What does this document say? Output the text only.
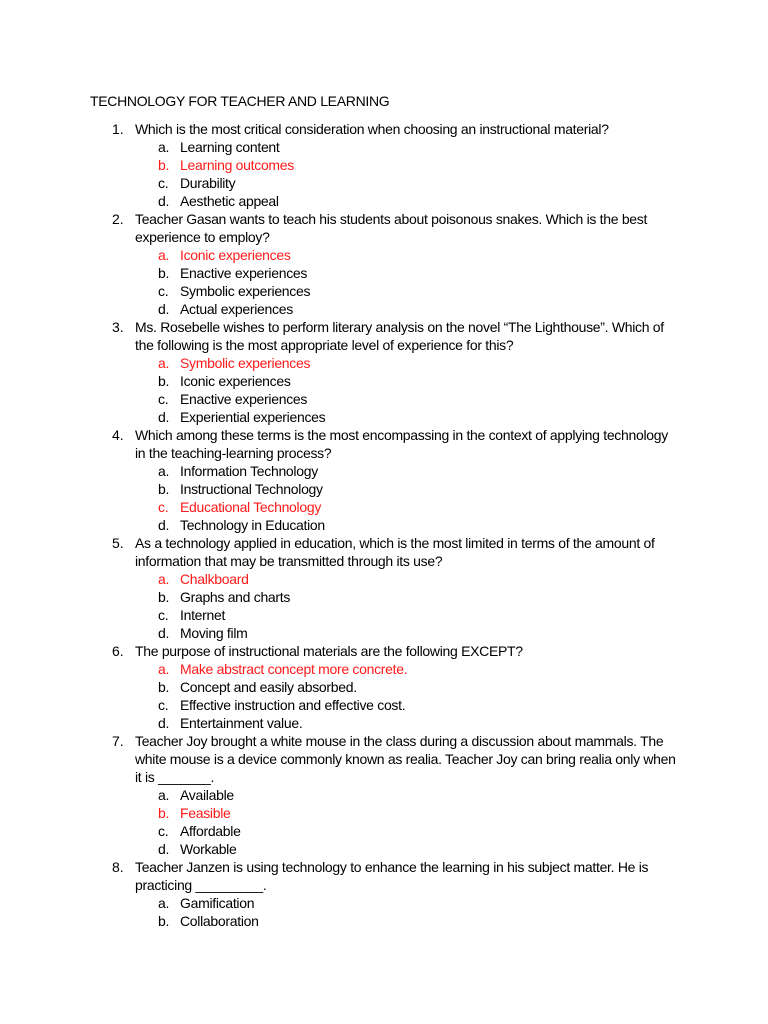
TECHNOLOGY FOR TEACHER AND LEARNING
1. Which is the most critical consideration when choosing an instructional material?
a. Learning content
b. Learning outcomes
c. Durability
d. Aesthetic appeal
2. Teacher Gasan wants to teach his students about poisonous snakes. Which is the best experience to employ?
a. Iconic experiences
b. Enactive experiences
c. Symbolic experiences
d. Actual experiences
3. Ms. Rosebelle wishes to perform literary analysis on the novel “The Lighthouse”. Which of the following is the most appropriate level of experience for this?
a. Symbolic experiences
b. Iconic experiences
c. Enactive experiences
d. Experiential experiences
4. Which among these terms is the most encompassing in the context of applying technology in the teaching-learning process?
a. Information Technology
b. Instructional Technology
c. Educational Technology
d. Technology in Education
5. As a technology applied in education, which is the most limited in terms of the amount of information that may be transmitted through its use?
a. Chalkboard
b. Graphs and charts
c. Internet
d. Moving film
6. The purpose of instructional materials are the following EXCEPT?
a. Make abstract concept more concrete.
b. Concept and easily absorbed.
c. Effective instruction and effective cost.
d. Entertainment value.
7. Teacher Joy brought a white mouse in the class during a discussion about mammals. The white mouse is a device commonly known as realia. Teacher Joy can bring realia only when it is _______.
a. Available
b. Feasible
c. Affordable
d. Workable
8. Teacher Janzen is using technology to enhance the learning in his subject matter. He is practicing _________.
a. Gamification
b. Collaboration
